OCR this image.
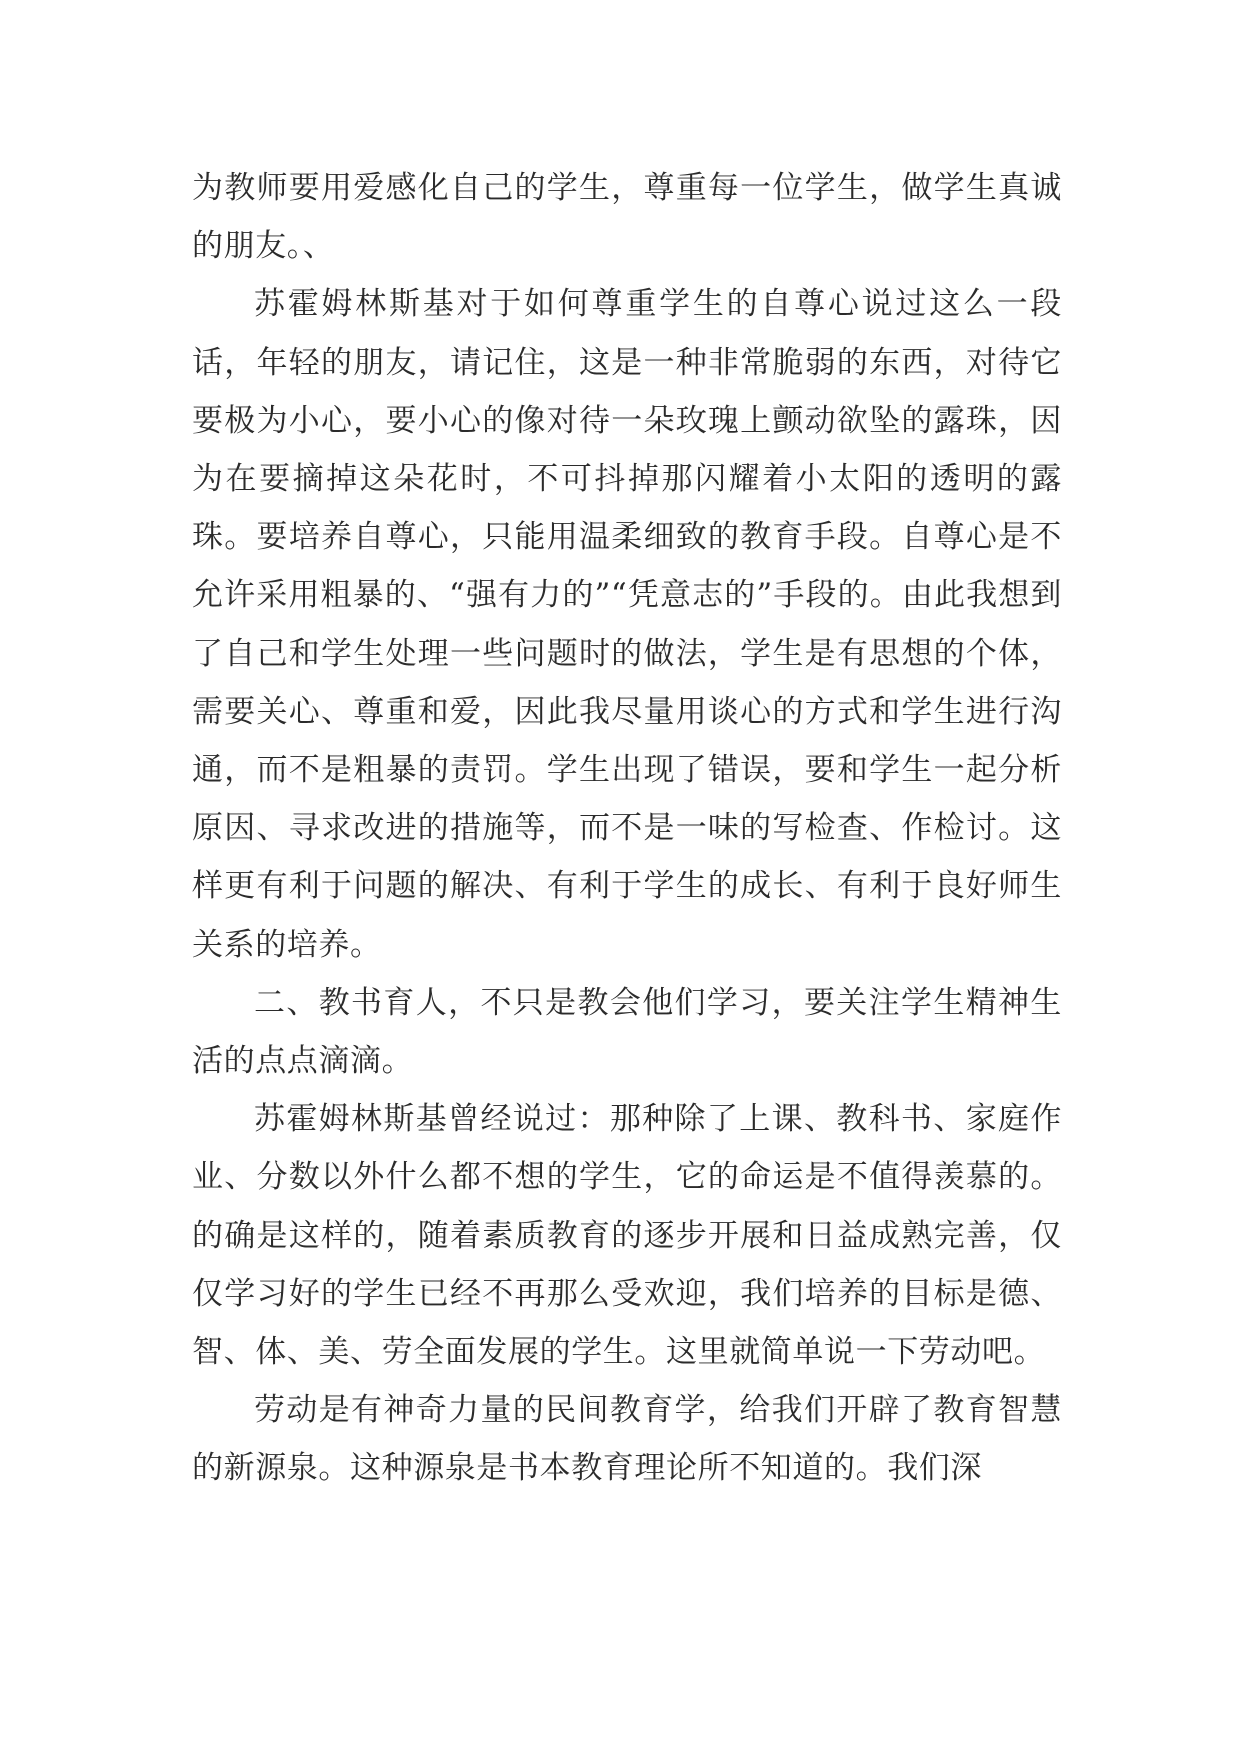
为教师要用爱感化自己的学生，尊重每一位学生，做学生真诚的朋友。、

苏霍姆林斯基对于如何尊重学生的自尊心说过这么一段话，年轻的朋友，请记住，这是一种非常脆弱的东西，对待它要极为小心，要小心的像对待一朵玫瑰上颤动欲坠的露珠，因为在要摘掉这朵花时，不可抖掉那闪耀着小太阳的透明的露珠。要培养自尊心，只能用温柔细致的教育手段。自尊心是不允许采用粗暴的、“强有力的”“凭意志的”手段的。由此我想到了自己和学生处理一些问题时的做法，学生是有思想的个体，需要关心、尊重和爱，因此我尽量用谈心的方式和学生进行沟通，而不是粗暴的责罚。学生出现了错误，要和学生一起分析原因、寻求改进的措施等，而不是一味的写检查、作检讨。这样更有利于问题的解决、有利于学生的成长、有利于良好师生关系的培养。

二、教书育人，不只是教会他们学习，要关注学生精神生活的点点滴滴。

苏霍姆林斯基曾经说过：那种除了上课、教科书、家庭作业、分数以外什么都不想的学生，它的命运是不值得羡慕的。的确是这样的，随着素质教育的逐步开展和日益成熟完善，仅仅学习好的学生已经不再那么受欢迎，我们培养的目标是德、智、体、美、劳全面发展的学生。这里就简单说一下劳动吧。

劳动是有神奇力量的民间教育学，给我们开辟了教育智慧的新源泉。这种源泉是书本教育理论所不知道的。我们深
